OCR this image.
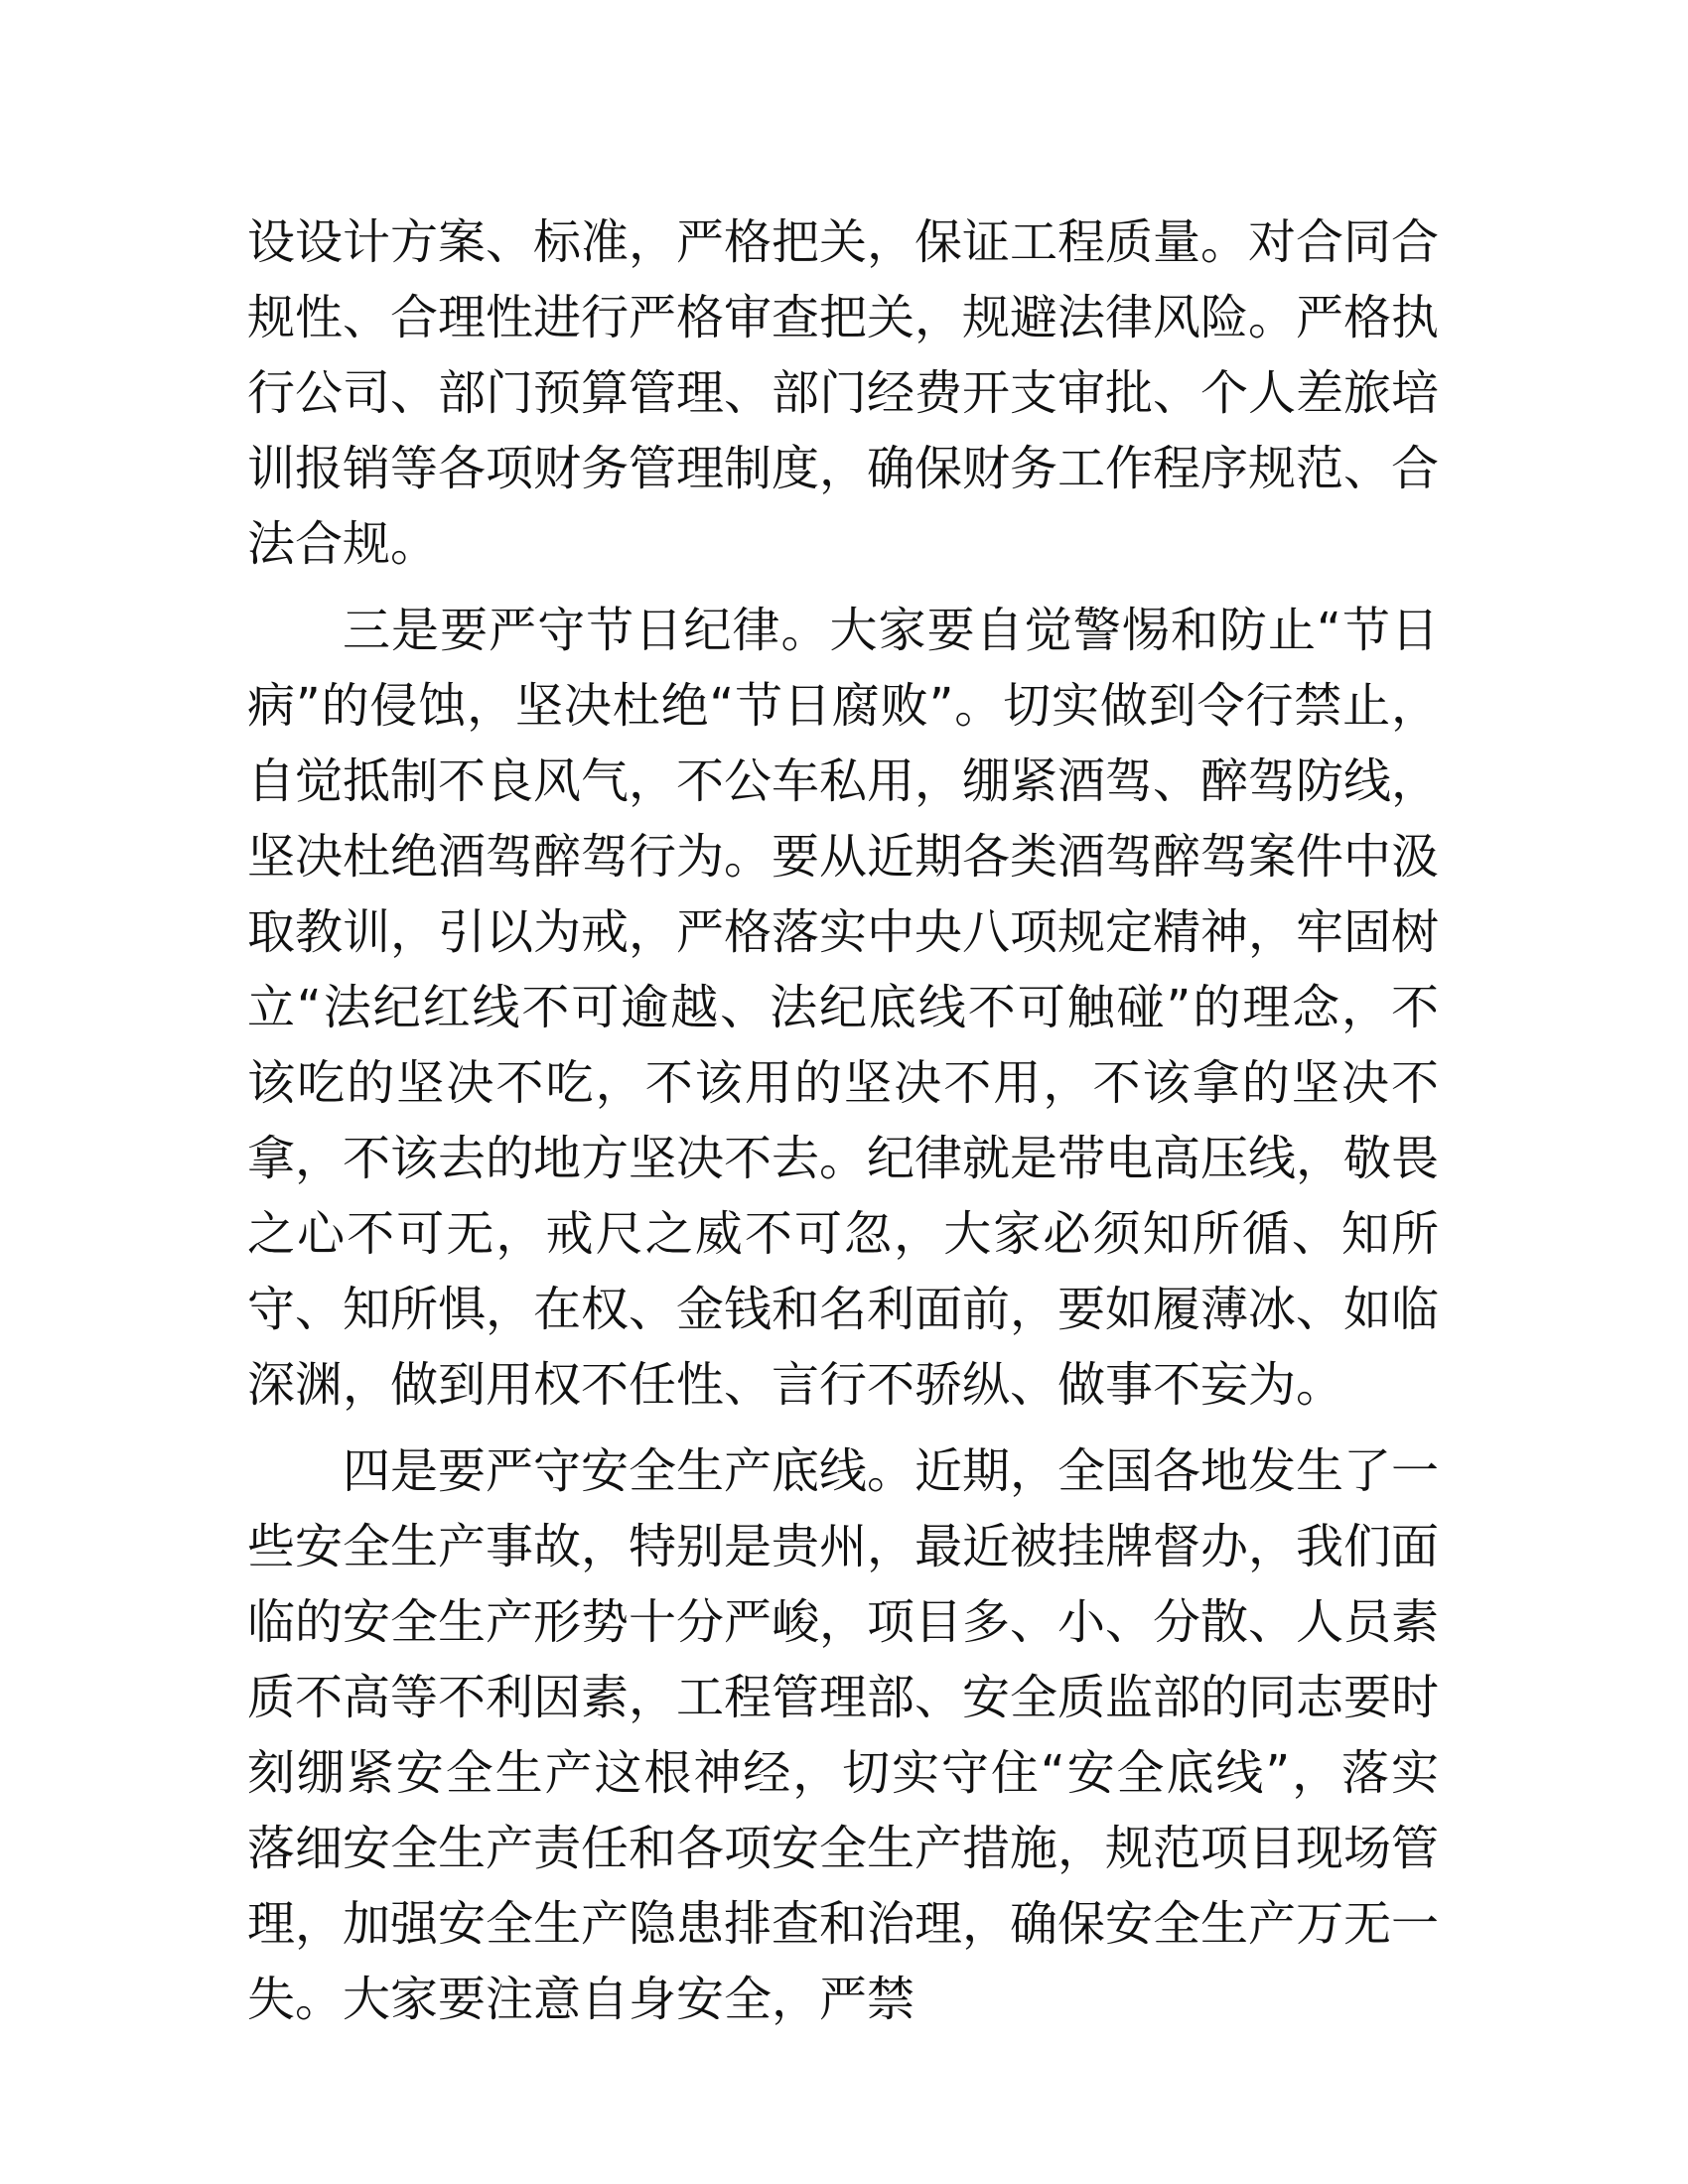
设设计方案、标准，严格把关，保证工程质量。对合同合规性、合理性进行严格审查把关，规避法律风险。严格执行公司、部门预算管理、部门经费开支审批、个人差旅培训报销等各项财务管理制度，确保财务工作程序规范、合法合规。

三是要严守节日纪律。大家要自觉警惕和防止“节日病”的侵蚀，坚决杜绝“节日腐败”。切实做到令行禁止，自觉抵制不良风气，不公车私用，绷紧酒驾、醉驾防线，坚决杜绝酒驾醉驾行为。要从近期各类酒驾醉驾案件中汲取教训，引以为戒，严格落实中央八项规定精神，牢固树立“法纪红线不可逾越、法纪底线不可触碰”的理念，不该吃的坚决不吃，不该用的坚决不用，不该拿的坚决不拿，不该去的地方坚决不去。纪律就是带电高压线，敬畏之心不可无，戒尺之威不可忽，大家必须知所循、知所守、知所惧，在权、金钱和名利面前，要如履薄冰、如临深渊，做到用权不任性、言行不骄纵、做事不妄为。

四是要严守安全生产底线。近期，全国各地发生了一些安全生产事故，特别是贵州，最近被挂牌督办，我们面临的安全生产形势十分严峻，项目多、小、分散、人员素质不高等不利因素，工程管理部、安全质监部的同志要时刻绷紧安全生产这根神经，切实守住“安全底线”，落实落细安全生产责任和各项安全生产措施，规范项目现场管理，加强安全生产隐患排查和治理，确保安全生产万无一失。大家要注意自身安全，严禁
